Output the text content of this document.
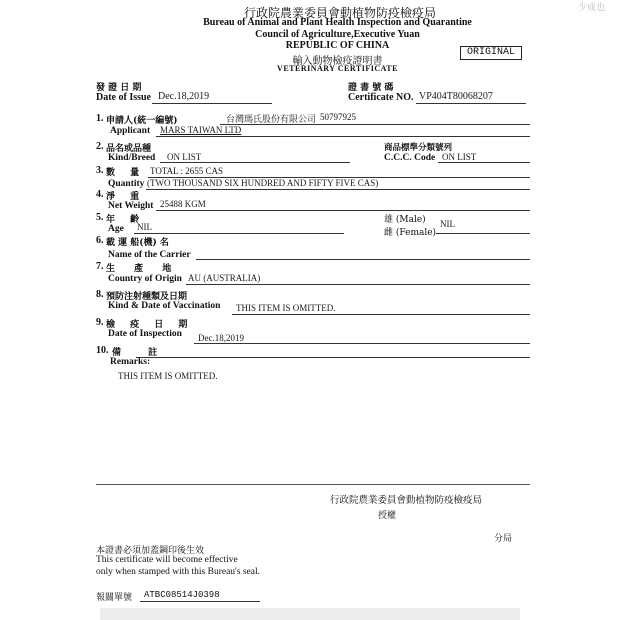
少成也
行政院農業委員會動植物防疫檢疫局
Bureau of Animal and Plant Health Inspection and Quarantine
Council of Agriculture,Executive Yuan
REPUBLIC OF CHINA
輸入動物檢疫證明書
VETERINARY CERTIFICATE
ORIGINAL
發 證 日 期
Date of Issue Dec.18,2019
證 書 號 碼
Certificate NO. VP404T80068207
1. 申請人(統一編號)	台灣瑪氏股份有限公司 50797925
Applicant MARS TAIWAN LTD
2. 品名或品種
Kind/Breed ON LIST
商品標準分類號列
C.C.C. Code ON LIST
3. 數 量 TOTAL : 2655 CAS
Quantity (TWO THOUSAND SIX HUNDRED AND FIFTY FIVE CAS)
4. 淨 重
Net Weight 25488 KGM
5. 年 齡
Age NIL
雄 (Male)
雌 (Female)
NIL
6. 載 運 船(機) 名
Name of the Carrier
7. 生 產 地
Country of Origin AU (AUSTRALIA)
8. 預防注射種類及日期
Kind & Date of Vaccination THIS ITEM IS OMITTED.
9. 檢 疫 日 期
Date of Inspection Dec.18,2019
10. 備 註
Remarks:
THIS ITEM IS OMITTED.
行政院農業委員會動植物防疫檢疫局
授權
分局
本證書必須加蓋鋼印後生效
This certificate will become effective
only when stamped with this Bureau's seal.
報關單號 ATBC08514J0398
